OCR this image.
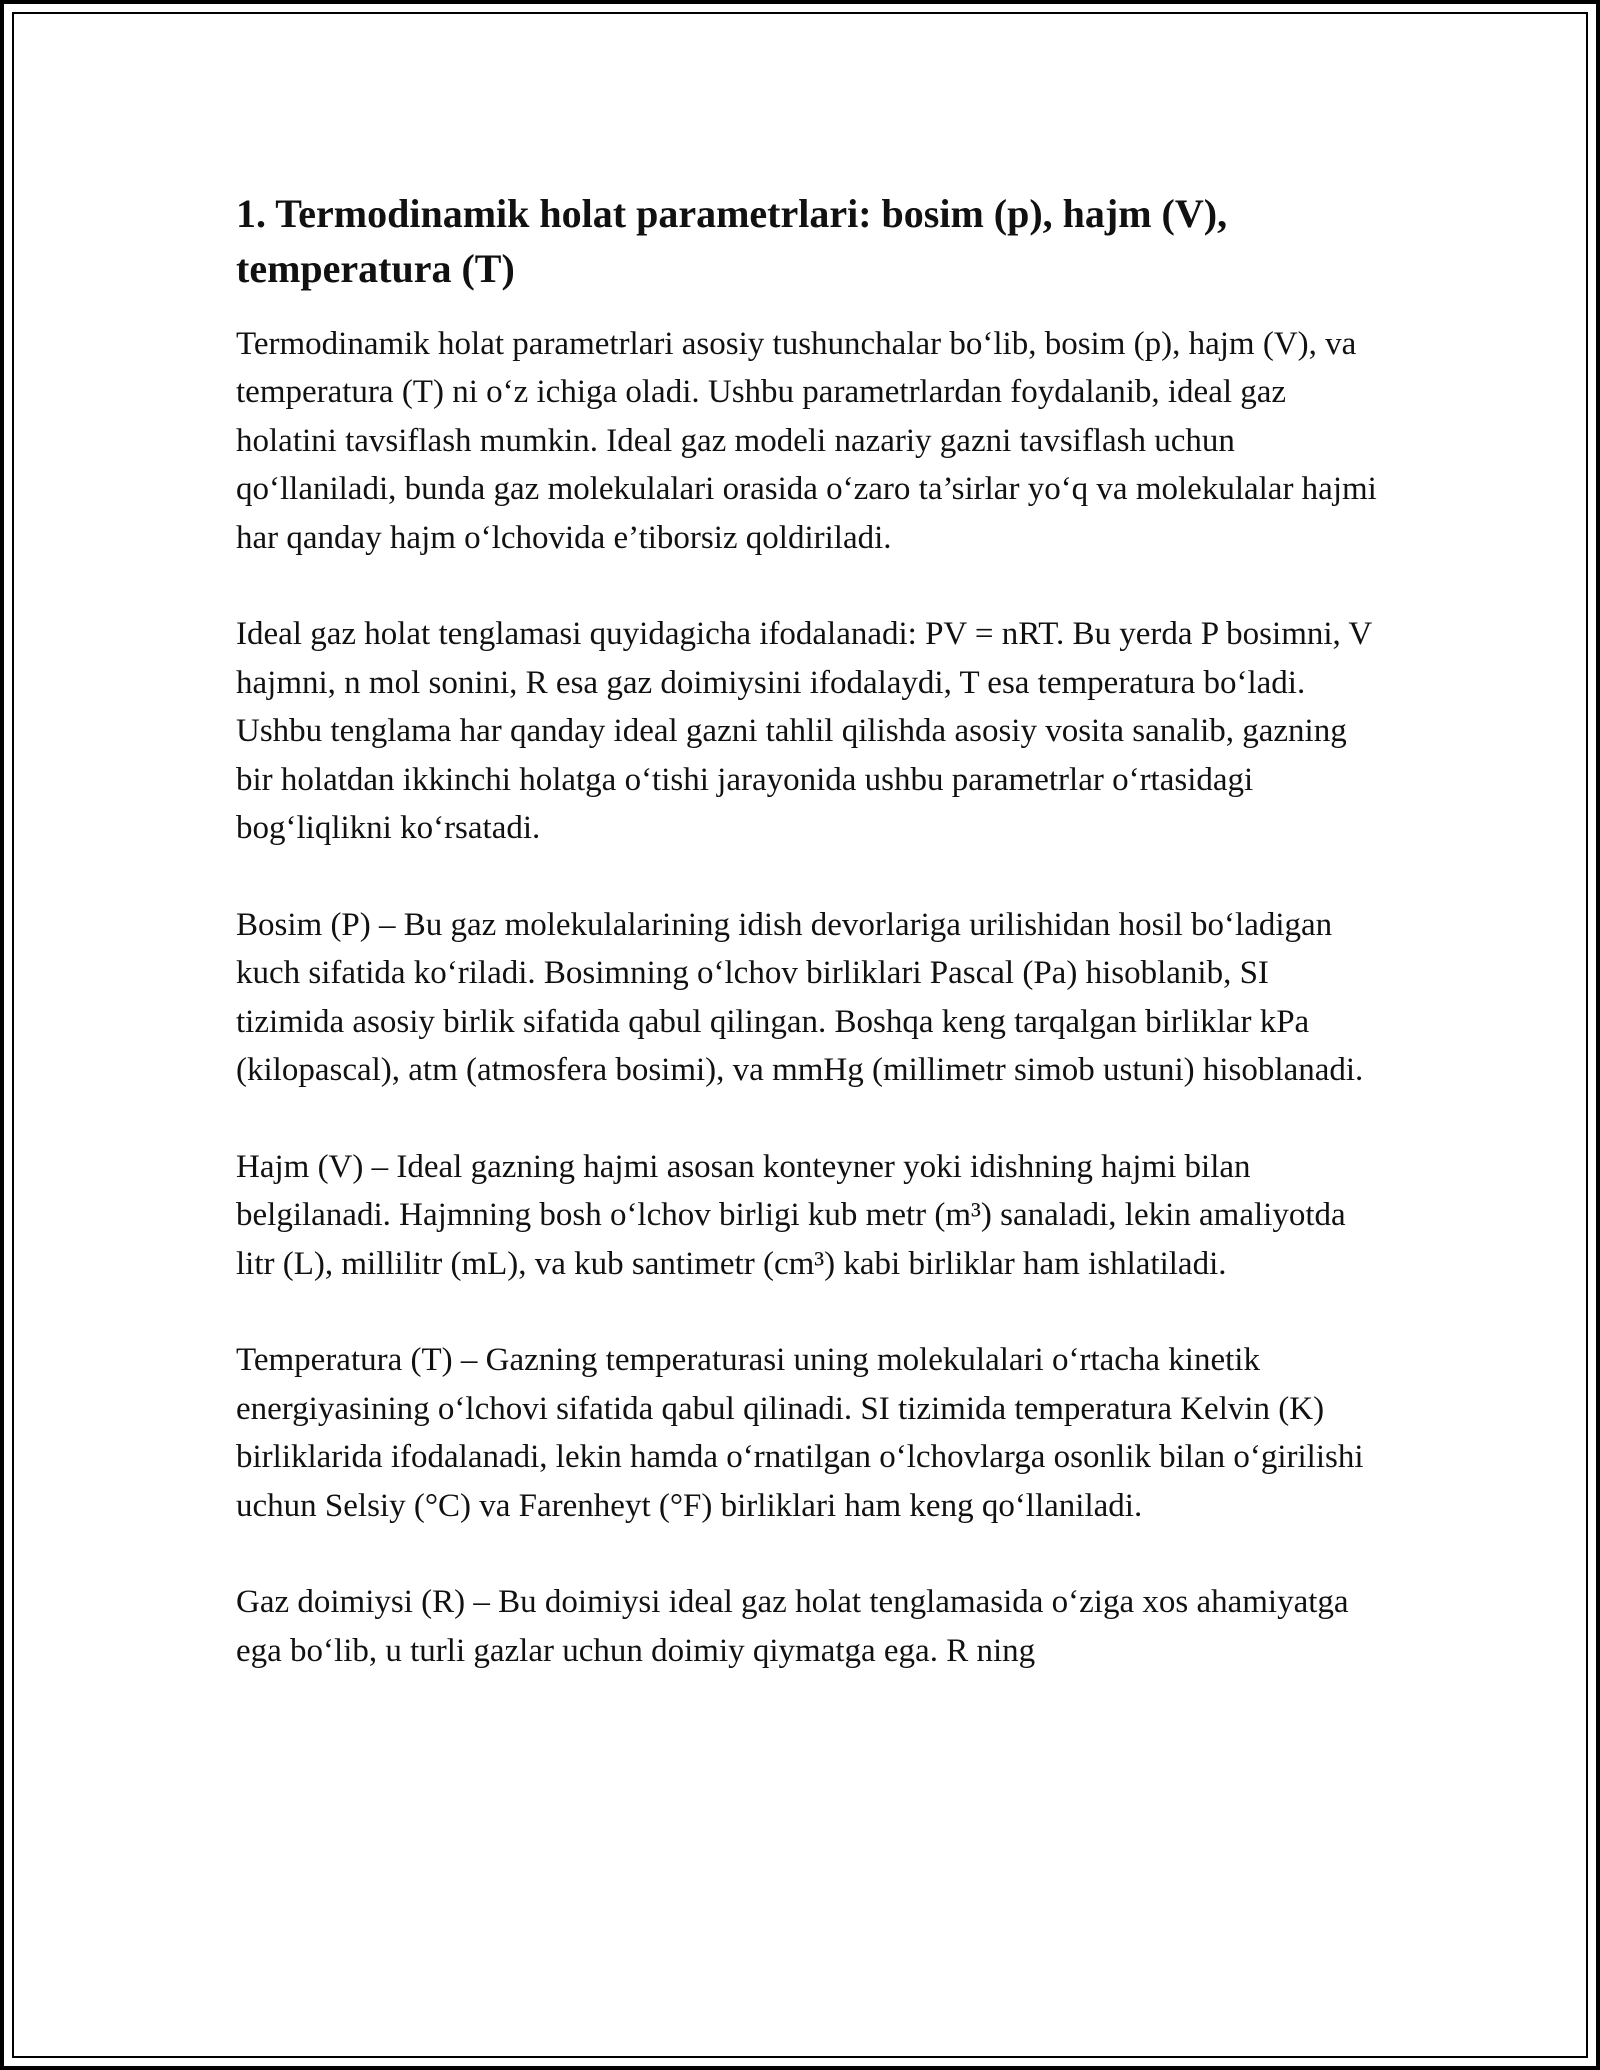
1. Termodinamik holat parametrlari: bosim (p), hajm (V), temperatura (T)

Termodinamik holat parametrlari asosiy tushunchalar bo‘lib, bosim (p), hajm (V), va temperatura (T) ni o‘z ichiga oladi. Ushbu parametrlardan foydalanib, ideal gaz holatini tavsiflash mumkin. Ideal gaz modeli nazariy gazni tavsiflash uchun qo‘llaniladi, bunda gaz molekulalari orasida o‘zaro ta’sirlar yo‘q va molekulalar hajmi har qanday hajm o‘lchovida e’tiborsiz qoldiriladi.

Ideal gaz holat tenglamasi quyidagicha ifodalanadi: PV = nRT. Bu yerda P bosimni, V hajmni, n mol sonini, R esa gaz doimiysini ifodalaydi, T esa temperatura bo‘ladi. Ushbu tenglama har qanday ideal gazni tahlil qilishda asosiy vosita sanalib, gazning bir holatdan ikkinchi holatga o‘tishi jarayonida ushbu parametrlar o‘rtasidagi bog‘liqlikni ko‘rsatadi.

Bosim (P) – Bu gaz molekulalarining idish devorlariga urilishidan hosil bo‘ladigan kuch sifatida ko‘riladi. Bosimning o‘lchov birliklari Pascal (Pa) hisoblanib, SI tizimida asosiy birlik sifatida qabul qilingan. Boshqa keng tarqalgan birliklar kPa (kilopascal), atm (atmosfera bosimi), va mmHg (millimetr simob ustuni) hisoblanadi.

Hajm (V) – Ideal gazning hajmi asosan konteyner yoki idishning hajmi bilan belgilanadi. Hajmning bosh o‘lchov birligi kub metr (m³) sanaladi, lekin amaliyotda litr (L), millilitr (mL), va kub santimetr (cm³) kabi birliklar ham ishlatiladi.

Temperatura (T) – Gazning temperaturasi uning molekulalari o‘rtacha kinetik energiyasining o‘lchovi sifatida qabul qilinadi. SI tizimida temperatura Kelvin (K) birliklarida ifodalanadi, lekin hamda o‘rnatilgan o‘lchovlarga osonlik bilan o‘girilishi uchun Selsiy (°C) va Farenheyt (°F) birliklari ham keng qo‘llaniladi.

Gaz doimiysi (R) – Bu doimiysi ideal gaz holat tenglamasida o‘ziga xos ahamiyatga ega bo‘lib, u turli gazlar uchun doimiy qiymatga ega. R ning
